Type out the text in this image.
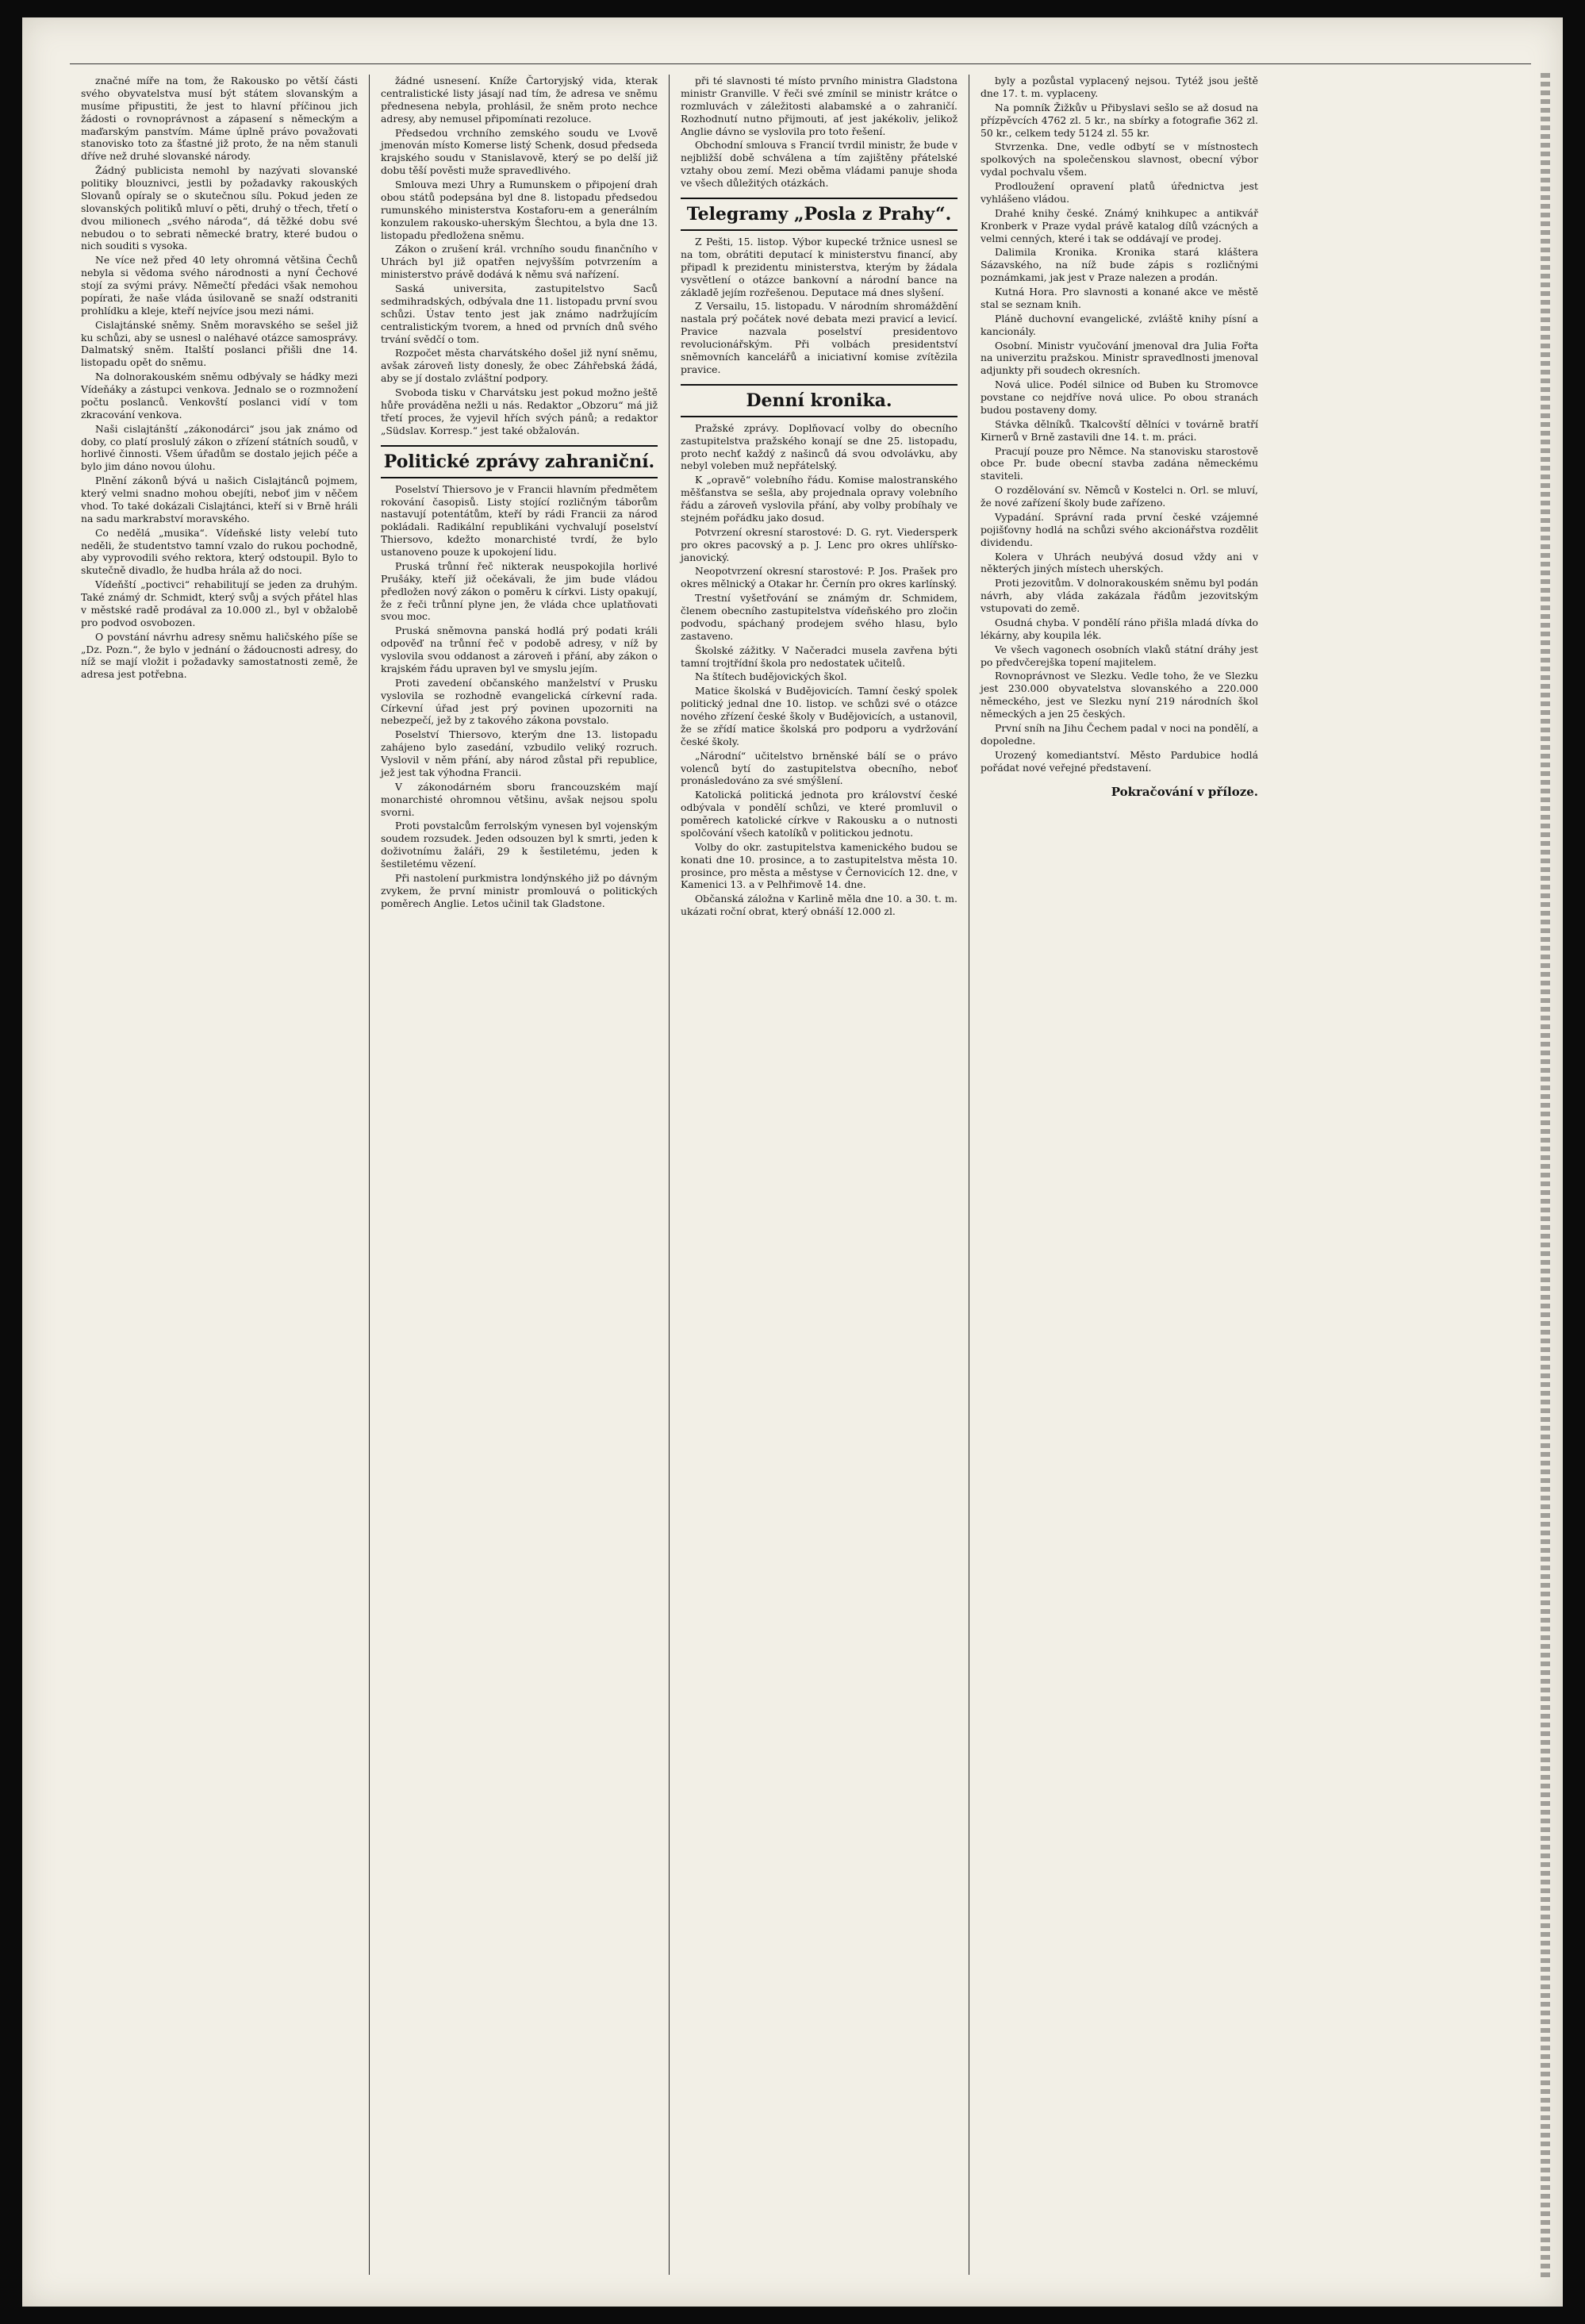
značné míře na tom, že Rakousko po větší části svého obyvatelstva musí být státem slovanským a musíme připustiti, že jest to hlavní příčinou jich žádosti o rovnoprávnost a zápasení s německým a maďarským panstvím. Máme úplně právo považovati stanovisko toto za šťastné již proto, že na něm stanuli dříve než druhé slovanské národy.

Žádný publicista nemohl by nazývati slovanské politiky blouznivci, jestli by požadavky rakouských Slovanů opíraly se o skutečnou sílu. Pokud jeden ze slovanských politiků mluví o pěti, druhý o třech, třetí o dvou milionech „svého národa“, dá těžké dobu své nebudou o to sebrati německé bratry, které budou o nich souditi s vysoka.

Ne více než před 40 lety ohromná většina Čechů nebyla si vědoma svého národnosti a nyní Čechové stojí za svými právy. Němečtí předáci však nemohou popírati, že naše vláda úsilovaně se snaží odstraniti prohlídku a kleje, kteří nejvíce jsou mezi námi.

Cislajtánské sněmy. Sněm moravského se sešel již ku schůzi, aby se usnesl o naléhavé otázce samosprávy. Dalmatský sněm. Italští poslanci přišli dne 14. listopadu opět do sněmu.

Na dolnorakouském sněmu odbývaly se hádky mezi Vídeňáky a zástupci venkova. Jednalo se o rozmnožení počtu poslanců. Venkovští poslanci vidí v tom zkracování venkova.

Naši cislajtánští „zákonodárci“ jsou jak známo od doby, co platí proslulý zákon o zřízení státních soudů, v horlivé činnosti. Všem úřadům se dostalo jejich péče a bylo jim dáno novou úlohu.

Plnění zákonů bývá u našich Cislajtánců pojmem, který velmi snadno mohou obejíti, neboť jim v něčem vhod. To také dokázali Cislajtánci, kteří si v Brně hráli na sadu markrabství moravského.

Co nedělá „musika“. Vídeňské listy velebí tuto neděli, že studentstvo tamní vzalo do rukou pochodně, aby vyprovodili svého rektora, který odstoupil. Bylo to skutečně divadlo, že hudba hrála až do noci.

Vídeňští „poctivci“ rehabilitují se jeden za druhým. Také známý dr. Schmidt, který svůj a svých přátel hlas v městské radě prodával za 10.000 zl., byl v obžalobě pro podvod osvobozen.

O povstání návrhu adresy sněmu haličského píše se „Dz. Pozn.“, že bylo v jednání o žádoucnosti adresy, do níž se mají vložit i požadavky samostatnosti země, že adresa jest potřebna.

žádné usnesení. Kníže Čartoryjský vida, kterak centralistické listy jásají nad tím, že adresa ve sněmu přednesena nebyla, prohlásil, že sněm proto nechce adresy, aby nemusel připomínati rezoluce.

Předsedou vrchního zemského soudu ve Lvově jmenován místo Komerse listý Schenk, dosud předseda krajského soudu v Stanislavově, který se po delší již dobu těší pověsti muže spravedlivého.

Smlouva mezi Uhry a Rumunskem o připojení drah obou států podepsána byl dne 8. listopadu předsedou rumunského ministerstva Kostaforu-em a generálním konzulem rakousko-uherským Šlechtou, a byla dne 13. listopadu předložena sněmu.

Zákon o zrušení král. vrchního soudu finančního v Uhrách byl již opatřen nejvyšším potvrzením a ministerstvo právě dodává k němu svá nařízení.

Saská universita, zastupitelstvo Saců sedmihradských, odbývala dne 11. listopadu první svou schůzi. Ústav tento jest jak známo nadržujícím centralistickým tvorem, a hned od prvních dnů svého trvání svědčí o tom.

Rozpočet města charvátského došel již nyní sněmu, avšak zároveň listy donesly, že obec Záhřebská žádá, aby se jí dostalo zvláštní podpory.

Svoboda tisku v Charvátsku jest pokud možno ještě hůře prováděna nežli u nás. Redaktor „Obzoru“ má již třetí proces, že vyjevil hřích svých pánů; a redaktor „Südslav. Korresp.“ jest také obžalován.

Politické zprávy zahraniční.

Poselství Thiersovo je v Francii hlavním předmětem rokování časopisů. Listy stojící rozličným táborům nastavují potentátům, kteří by rádi Francii za národ pokládali. Radikální republikáni vychvalují poselství Thiersovo, kdežto monarchisté tvrdí, že bylo ustanoveno pouze k upokojení lidu.

Pruská trůnní řeč nikterak neuspokojila horlivé Prušáky, kteří již očekávali, že jim bude vládou předložen nový zákon o poměru k církvi. Listy opakují, že z řeči trůnní plyne jen, že vláda chce uplatňovati svou moc.

Pruská sněmovna panská hodlá prý podati králi odpověď na trůnní řeč v podobě adresy, v níž by vyslovila svou oddanost a zároveň i přání, aby zákon o krajském řádu upraven byl ve smyslu jejím.

Proti zavedení občanského manželství v Prusku vyslovila se rozhodně evangelická církevní rada. Církevní úřad jest prý povinen upozorniti na nebezpečí, jež by z takového zákona povstalo.

Poselství Thiersovo, kterým dne 13. listopadu zahájeno bylo zasedání, vzbudilo veliký rozruch. Vyslovil v něm přání, aby národ zůstal při republice, jež jest tak výhodna Francii.

V zákonodárném sboru francouzském mají monarchisté ohromnou většinu, avšak nejsou spolu svorni.

Proti povstalcům ferrolským vynesen byl vojenským soudem rozsudek. Jeden odsouzen byl k smrti, jeden k doživotnímu žaláři, 29 k šestiletému, jeden k šestiletému vězení.

Při nastolení purkmistra londýnského již po dávným zvykem, že první ministr promlouvá o politických poměrech Anglie. Letos učinil tak Gladstone.

při té slavnosti té místo prvního ministra Gladstona ministr Granville. V řeči své zmínil se ministr krátce o rozmluvách v záležitosti alabamské a o zahraničí. Rozhodnutí nutno přijmouti, ať jest jakékoliv, jelikož Anglie dávno se vyslovila pro toto řešení.

Obchodní smlouva s Francií tvrdil ministr, že bude v nejbližší době schválena a tím zajištěny přátelské vztahy obou zemí. Mezi oběma vládami panuje shoda ve všech důležitých otázkách.

Telegramy „Posla z Prahy“.

Z Pešti, 15. listop. Výbor kupecké tržnice usnesl se na tom, obrátiti deputací k ministerstvu financí, aby připadl k prezidentu ministerstva, kterým by žádala vysvětlení o otázce bankovní a národní bance na základě jejím rozřešenou. Deputace má dnes slyšení.

Z Versailu, 15. listopadu. V národním shromáždění nastala prý počátek nové debata mezi pravicí a levicí. Pravice nazvala poselství presidentovo revolucionářským. Při volbách presidentství sněmovních kancelářů a iniciativní komise zvítězila pravice.

Denní kronika.

Pražské zprávy. Doplňovací volby do obecního zastupitelstva pražského konají se dne 25. listopadu, proto nechť každý z našinců dá svou odvolávku, aby nebyl voleben muž nepřátelský.

K „opravě“ volebního řádu. Komise malostranského měšťanstva se sešla, aby projednala opravy volebního řádu a zároveň vyslovila přání, aby volby probíhaly ve stejném pořádku jako dosud.

Potvrzení okresní starostové: D. G. ryt. Viedersperk pro okres pacovský a p. J. Lenc pro okres uhlířsko-janovický.

Neopotvrzení okresní starostové: P. Jos. Prašek pro okres mělnický a Otakar hr. Černín pro okres karlínský.

Trestní vyšetřování se známým dr. Schmidem, členem obecního zastupitelstva vídeňského pro zločin podvodu, spáchaný prodejem svého hlasu, bylo zastaveno.

Školské zážitky. V Načeradci musela zavřena býti tamní trojtřídní škola pro nedostatek učitelů.

Na štítech budějovických škol.

Matice školská v Budějovicích. Tamní český spolek politický jednal dne 10. listop. ve schůzi své o otázce nového zřízení české školy v Budějovicích, a ustanovil, že se zřídí matice školská pro podporu a vydržování české školy.

„Národní“ učitelstvo brněnské bálí se o právo volenců bytí do zastupitelstva obecního, neboť pronásledováno za své smýšlení.

Katolická politická jednota pro království české odbývala v pondělí schůzi, ve které promluvil o poměrech katolické církve v Rakousku a o nutnosti spolčování všech katolíků v politickou jednotu.

Volby do okr. zastupitelstva kamenického budou se konati dne 10. prosince, a to zastupitelstva města 10. prosince, pro města a městyse v Černovicích 12. dne, v Kamenici 13. a v Pelhřimově 14. dne.

Občanská záložna v Karlině měla dne 10. a 30. t. m. ukázati roční obrat, který obnáší 12.000 zl.

byly a pozůstal vyplacený nejsou. Tytéž jsou ještě dne 17. t. m. vyplaceny.

Na pomník Žižkův u Přibyslavi sešlo se až dosud na přízpěvcích 4762 zl. 5 kr., na sbírky a fotografie 362 zl. 50 kr., celkem tedy 5124 zl. 55 kr.

Stvrzenka. Dne, vedle odbytí se v místnostech spolkových na společenskou slavnost, obecní výbor vydal pochvalu všem.

Prodloužení opravení platů úřednictva jest vyhlášeno vládou.

Drahé knihy české. Známý knihkupec a antikvář Kronberk v Praze vydal právě katalog dílů vzácných a velmi cenných, které i tak se oddávají ve prodej.

Dalimila Kronika. Kronika stará kláštera Sázavského, na níž bude zápis s rozličnými poznámkami, jak jest v Praze nalezen a prodán.

Kutná Hora. Pro slavnosti a konané akce ve městě stal se seznam knih.

Pláně duchovní evangelické, zvláště knihy písní a kancionály.

Osobní. Ministr vyučování jmenoval dra Julia Fořta na univerzitu pražskou. Ministr spravedlnosti jmenoval adjunkty při soudech okresních.

Nová ulice. Podél silnice od Buben ku Stromovce povstane co nejdříve nová ulice. Po obou stranách budou postaveny domy.

Stávka dělníků. Tkalcovští dělníci v továrně bratří Kirnerů v Brně zastavili dne 14. t. m. práci.

Pracují pouze pro Němce. Na stanovisku starostově obce Pr. bude obecní stavba zadána německému staviteli.

O rozdělování sv. Němců v Kostelci n. Orl. se mluví, že nové zařízení školy bude zařízeno.

Vypadání. Správní rada první české vzájemné pojišťovny hodlá na schůzi svého akcionářstva rozdělit dividendu.

Kolera v Uhrách neubývá dosud vždy ani v některých jiných místech uherských.

Proti jezovitům. V dolnorakouském sněmu byl podán návrh, aby vláda zakázala řádům jezovitským vstupovati do země.

Osudná chyba. V pondělí ráno přišla mladá dívka do lékárny, aby koupila lék.

Ve všech vagonech osobních vlaků státní dráhy jest po předvčerejška topení majitelem.

Rovnoprávnost ve Slezku. Vedle toho, že ve Slezku jest 230.000 obyvatelstva slovanského a 220.000 německého, jest ve Slezku nyní 219 národních škol německých a jen 25 českých.

První sníh na Jihu Čechem padal v noci na pondělí, a dopoledne.

Urozený komediantství. Město Pardubice hodlá pořádat nové veřejné představení.

Pokračování v příloze.
